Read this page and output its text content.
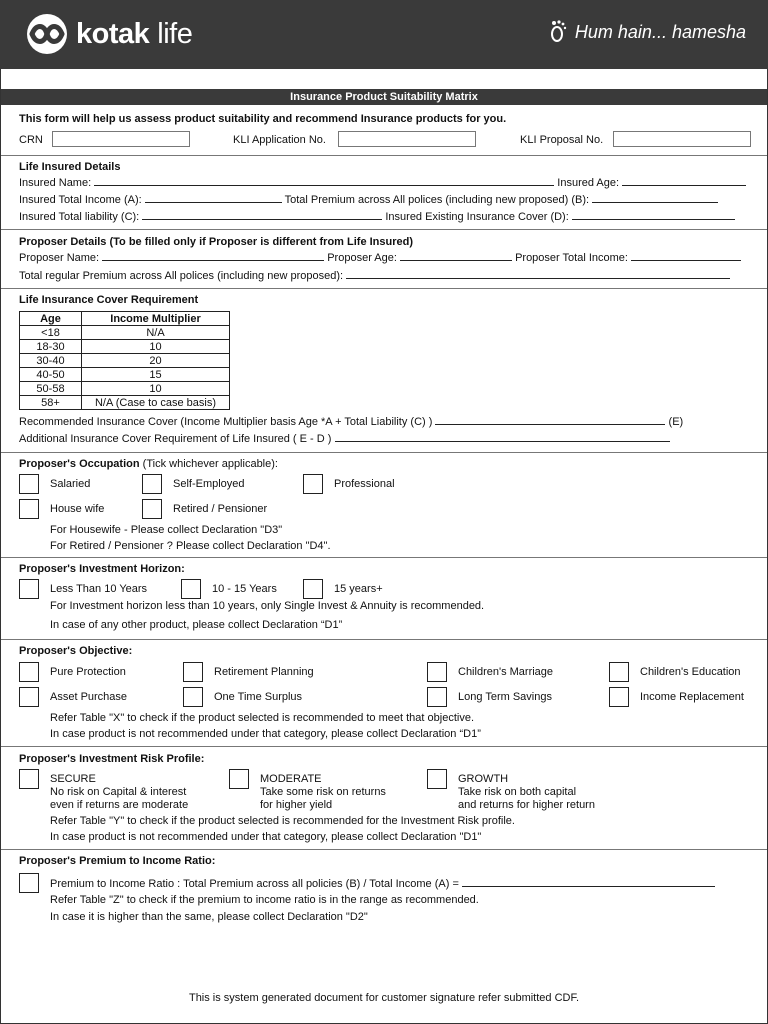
kotak life	Hum hain... hamesha
Insurance Product Suitability Matrix
This form will help us assess product suitability and recommend Insurance products for you.
CRN	KLI Application No.	KLI Proposal No.
Life Insured Details
Insured Name:	Insured Age:
Insured Total Income (A):	Total Premium across All polices (including new proposed) (B):
Insured Total liability (C):	Insured Existing Insurance Cover (D):
Proposer Details (To be filled only if Proposer is different from Life Insured)
Proposer Name:	Proposer Age:	Proposer Total Income:
Total regular Premium across All polices (including new proposed):
Life Insurance Cover Requirement
Age	Income Multiplier
<18	N/A
18-30	10
30-40	20
40-50	15
50-58	10
58+	N/A (Case to case basis)
Recommended Insurance Cover (Income Multiplier basis Age *A + Total Liability (C) )	(E)
Additional Insurance Cover Requirement of Life Insured ( E - D )
Proposer's Occupation (Tick whichever applicable):
Salaried	Self-Employed	Professional
House wife	Retired / Pensioner
For Housewife - Please collect Declaration "D3"
For Retired / Pensioner ? Please collect Declaration "D4".
Proposer's Investment Horizon:
Less Than 10 Years	10 - 15 Years	15 years+
For Investment horizon less than 10 years, only Single Invest & Annuity is recommended.
In case of any other product, please collect Declaration “D1”
Proposer's Objective:
Pure Protection	Retirement Planning	Children's Marriage	Children's Education
Asset Purchase	One Time Surplus	Long Term Savings	Income Replacement
Refer Table "X" to check if the product selected is recommended to meet that objective.
In case product is not recommended under that category, please collect Declaration “D1”
Proposer's Investment Risk Profile:
SECURE
No risk on Capital & interest
even if returns are moderate
MODERATE
Take some risk on returns
for higher yield
GROWTH
Take risk on both capital
and returns for higher return
Refer Table "Y" to check if the product selected is recommended for the Investment Risk profile.
In case product is not recommended under that category, please collect Declaration "D1"
Proposer's Premium to Income Ratio:
Premium to Income Ratio : Total Premium across all policies (B) / Total Income (A) =
Refer Table "Z" to check if the premium to income ratio is in the range as recommended.
In case it is higher than the same, please collect Declaration "D2"
This is system generated document for customer signature refer submitted CDF.
